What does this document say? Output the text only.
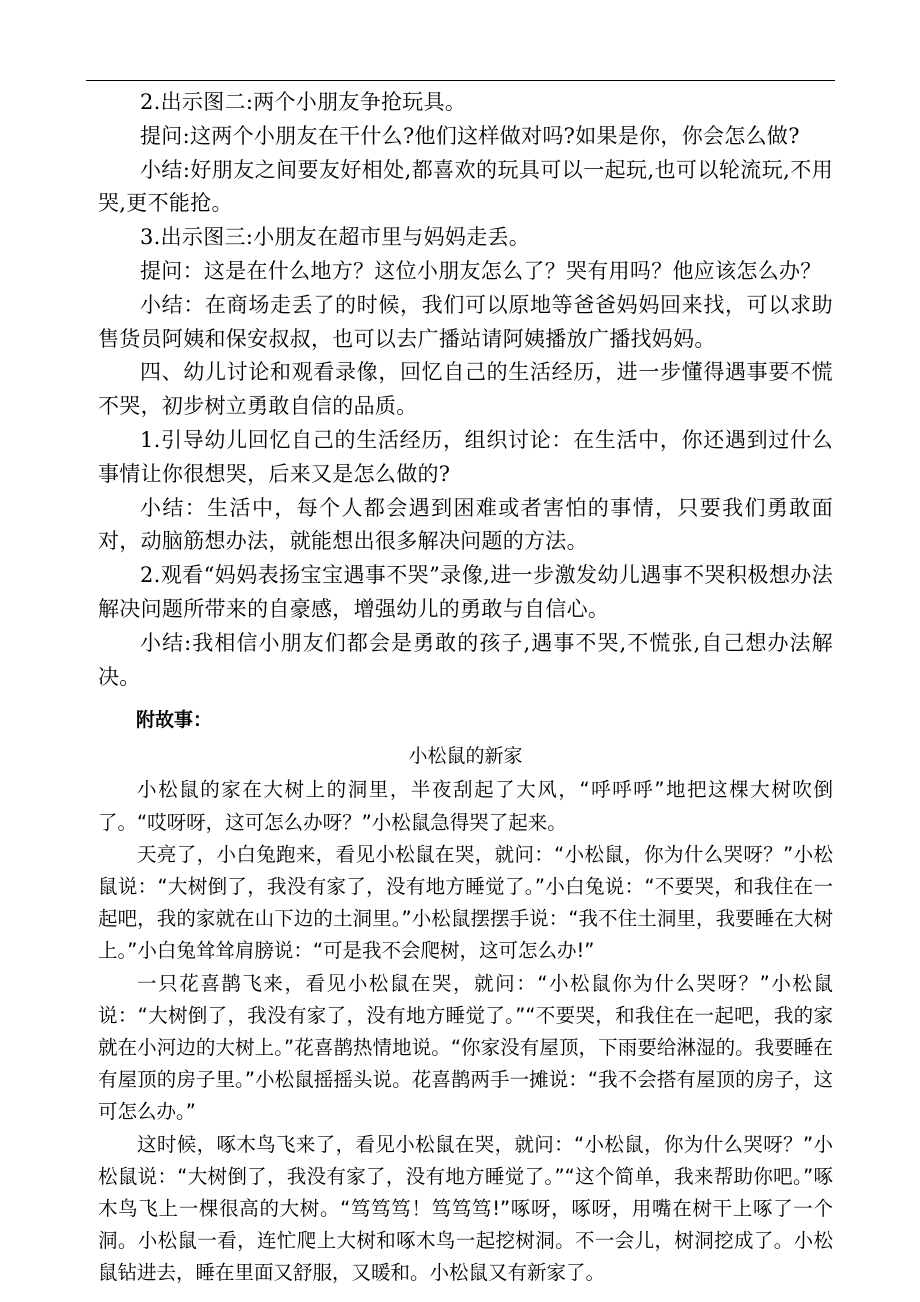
2.出示图二:两个小朋友争抢玩具。

提问:这两个小朋友在干什么?他们这样做对吗?如果是你，你会怎么做?

小结:好朋友之间要友好相处,都喜欢的玩具可以一起玩,也可以轮流玩,不用哭,更不能抢。

3.出示图三:小朋友在超市里与妈妈走丢。

提问：这是在什么地方？这位小朋友怎么了？哭有用吗？他应该怎么办？

小结：在商场走丢了的时候，我们可以原地等爸爸妈妈回来找，可以求助售货员阿姨和保安叔叔，也可以去广播站请阿姨播放广播找妈妈。

四、幼儿讨论和观看录像，回忆自己的生活经历，进一步懂得遇事要不慌不哭，初步树立勇敢自信的品质。

1.引导幼儿回忆自己的生活经历，组织讨论：在生活中，你还遇到过什么事情让你很想哭，后来又是怎么做的?

小结：生活中，每个人都会遇到困难或者害怕的事情，只要我们勇敢面对，动脑筋想办法，就能想出很多解决问题的方法。

2.观看“妈妈表扬宝宝遇事不哭”录像,进一步激发幼儿遇事不哭积极想办法解决问题所带来的自豪感，增强幼儿的勇敢与自信心。

小结:我相信小朋友们都会是勇敢的孩子,遇事不哭,不慌张,自己想办法解决。

附故事：

小松鼠的新家

小松鼠的家在大树上的洞里，半夜刮起了大风，“呼呼呼”地把这棵大树吹倒了。“哎呀呀，这可怎么办呀？”小松鼠急得哭了起来。

天亮了，小白兔跑来，看见小松鼠在哭，就问：“小松鼠，你为什么哭呀？”小松鼠说：“大树倒了，我没有家了，没有地方睡觉了。”小白兔说：“不要哭，和我住在一起吧，我的家就在山下边的土洞里。”小松鼠摆摆手说：“我不住土洞里，我要睡在大树上。”小白兔耸耸肩膀说：“可是我不会爬树，这可怎么办!”

一只花喜鹊飞来，看见小松鼠在哭，就问：“小松鼠你为什么哭呀？”小松鼠说：“大树倒了，我没有家了，没有地方睡觉了。”“不要哭，和我住在一起吧，我的家就在小河边的大树上。”花喜鹊热情地说。“你家没有屋顶，下雨要给淋湿的。我要睡在有屋顶的房子里。”小松鼠摇摇头说。花喜鹊两手一摊说：“我不会搭有屋顶的房子，这可怎么办。”

这时候，啄木鸟飞来了，看见小松鼠在哭，就问：“小松鼠，你为什么哭呀？”小松鼠说：“大树倒了，我没有家了，没有地方睡觉了。”“这个简单，我来帮助你吧。”啄木鸟飞上一棵很高的大树。“笃笃笃！笃笃笃!”啄呀，啄呀，用嘴在树干上啄了一个洞。小松鼠一看，连忙爬上大树和啄木鸟一起挖树洞。不一会儿，树洞挖成了。小松鼠钻进去，睡在里面又舒服，又暖和。小松鼠又有新家了。
